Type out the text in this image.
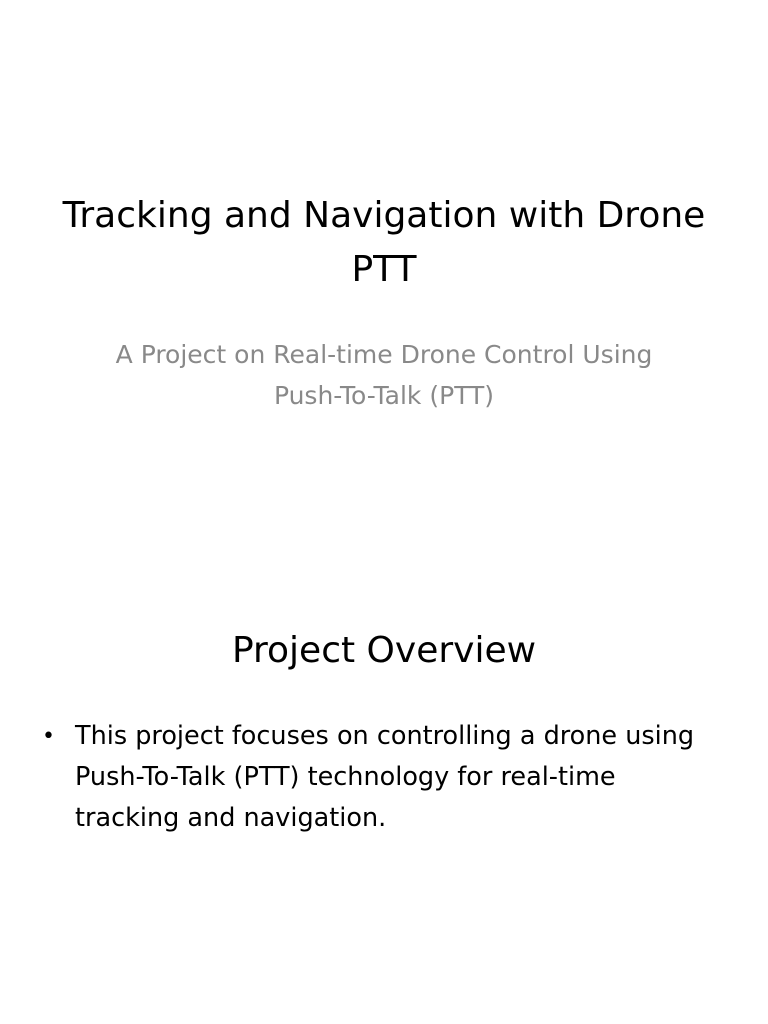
Tracking and Navigation with Drone PTT

A Project on Real-time Drone Control Using Push-To-Talk (PTT)

Project Overview
• This project focuses on controlling a drone using Push-To-Talk (PTT) technology for real-time tracking and navigation.
